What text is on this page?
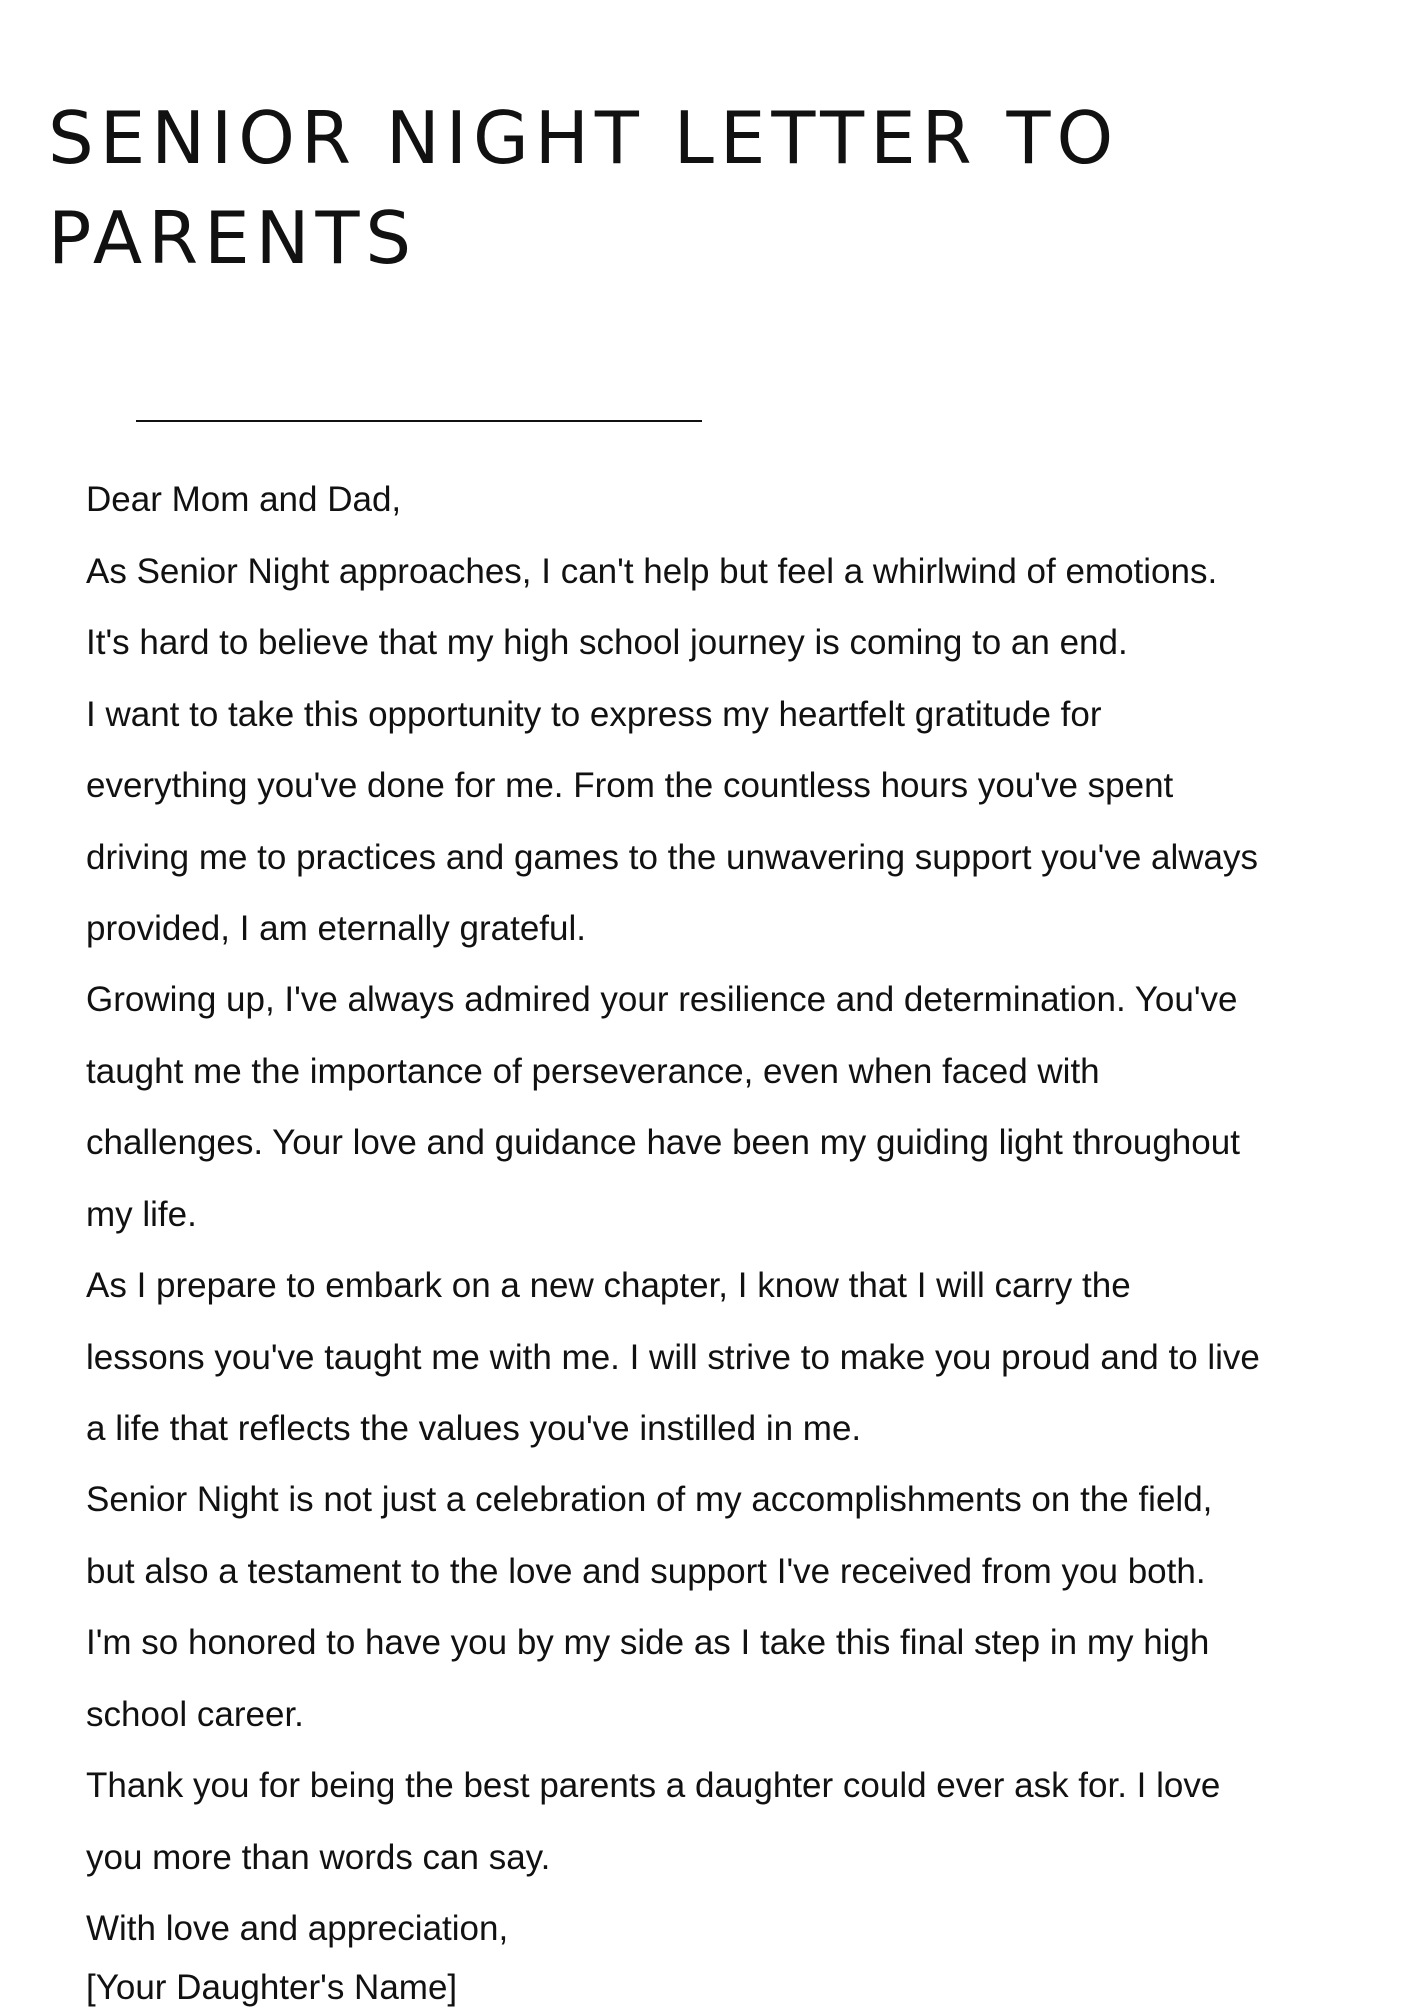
SENIOR NIGHT LETTER TO
PARENTS
Dear Mom and Dad,
As Senior Night approaches, I can't help but feel a whirlwind of emotions.
It's hard to believe that my high school journey is coming to an end.
I want to take this opportunity to express my heartfelt gratitude for
everything you've done for me. From the countless hours you've spent
driving me to practices and games to the unwavering support you've always
provided, I am eternally grateful.
Growing up, I've always admired your resilience and determination. You've
taught me the importance of perseverance, even when faced with
challenges. Your love and guidance have been my guiding light throughout
my life.
As I prepare to embark on a new chapter, I know that I will carry the
lessons you've taught me with me. I will strive to make you proud and to live
a life that reflects the values you've instilled in me.
Senior Night is not just a celebration of my accomplishments on the field,
but also a testament to the love and support I've received from you both.
I'm so honored to have you by my side as I take this final step in my high
school career.
Thank you for being the best parents a daughter could ever ask for. I love
you more than words can say.
With love and appreciation,
[Your Daughter's Name]
